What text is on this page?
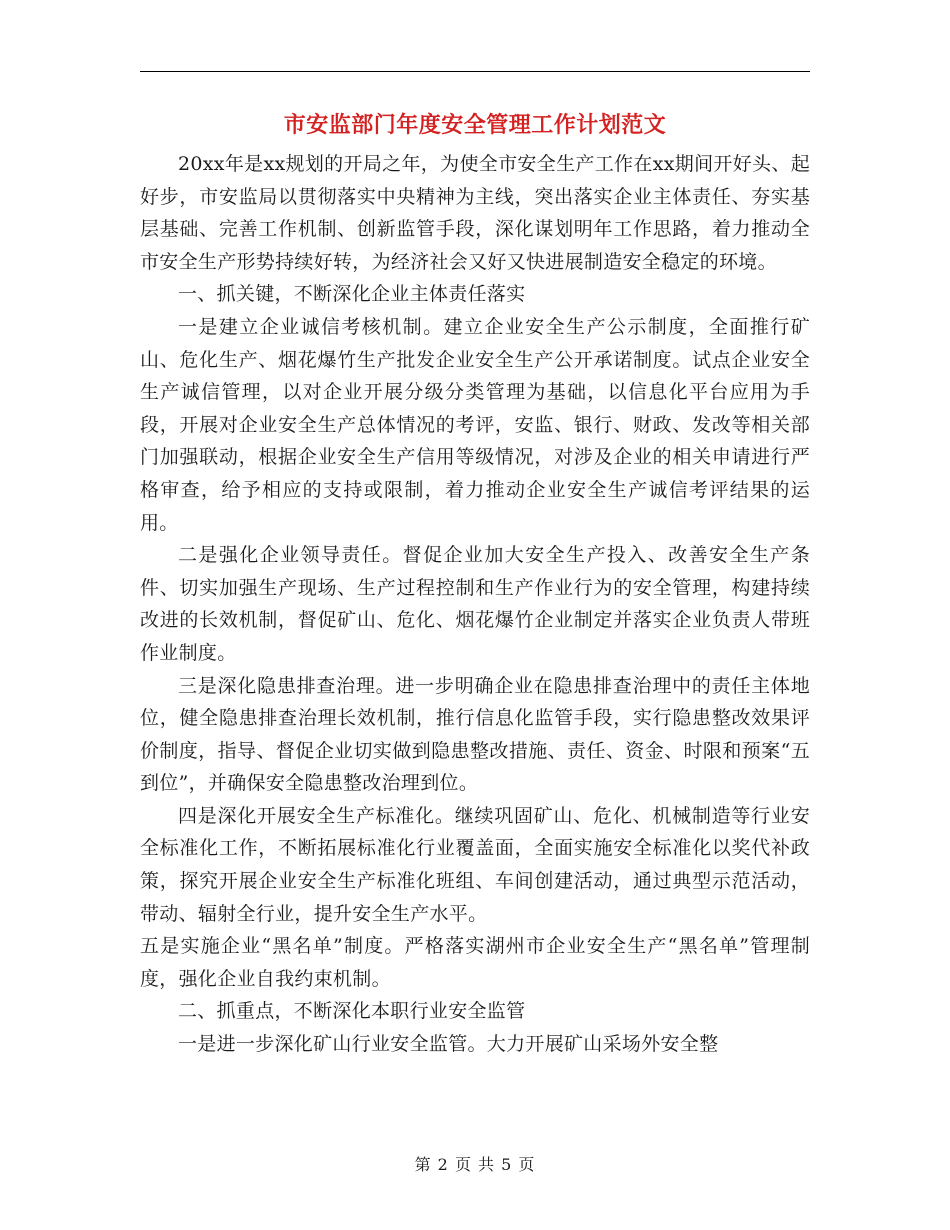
市安监部门年度安全管理工作计划范文

20xx年是xx规划的开局之年，为使全市安全生产工作在xx期间开好头、起好步，市安监局以贯彻落实中央精神为主线，突出落实企业主体责任、夯实基层基础、完善工作机制、创新监管手段，深化谋划明年工作思路，着力推动全市安全生产形势持续好转，为经济社会又好又快进展制造安全稳定的环境。

一、抓关键，不断深化企业主体责任落实

一是建立企业诚信考核机制。建立企业安全生产公示制度，全面推行矿山、危化生产、烟花爆竹生产批发企业安全生产公开承诺制度。试点企业安全生产诚信管理，以对企业开展分级分类管理为基础，以信息化平台应用为手段，开展对企业安全生产总体情况的考评，安监、银行、财政、发改等相关部门加强联动，根据企业安全生产信用等级情况，对涉及企业的相关申请进行严格审查，给予相应的支持或限制，着力推动企业安全生产诚信考评结果的运用。

二是强化企业领导责任。督促企业加大安全生产投入、改善安全生产条件、切实加强生产现场、生产过程控制和生产作业行为的安全管理，构建持续改进的长效机制，督促矿山、危化、烟花爆竹企业制定并落实企业负责人带班作业制度。

三是深化隐患排查治理。进一步明确企业在隐患排查治理中的责任主体地位，健全隐患排查治理长效机制，推行信息化监管手段，实行隐患整改效果评价制度，指导、督促企业切实做到隐患整改措施、责任、资金、时限和预案“五到位”，并确保安全隐患整改治理到位。

四是深化开展安全生产标准化。继续巩固矿山、危化、机械制造等行业安全标准化工作，不断拓展标准化行业覆盖面，全面实施安全标准化以奖代补政策，探究开展企业安全生产标准化班组、车间创建活动，通过典型示范活动，带动、辐射全行业，提升安全生产水平。

五是实施企业“黑名单”制度。严格落实湖州市企业安全生产“黑名单”管理制度，强化企业自我约束机制。

二、抓重点，不断深化本职行业安全监管

一是进一步深化矿山行业安全监管。大力开展矿山采场外安全整

第 2 页 共 5 页
